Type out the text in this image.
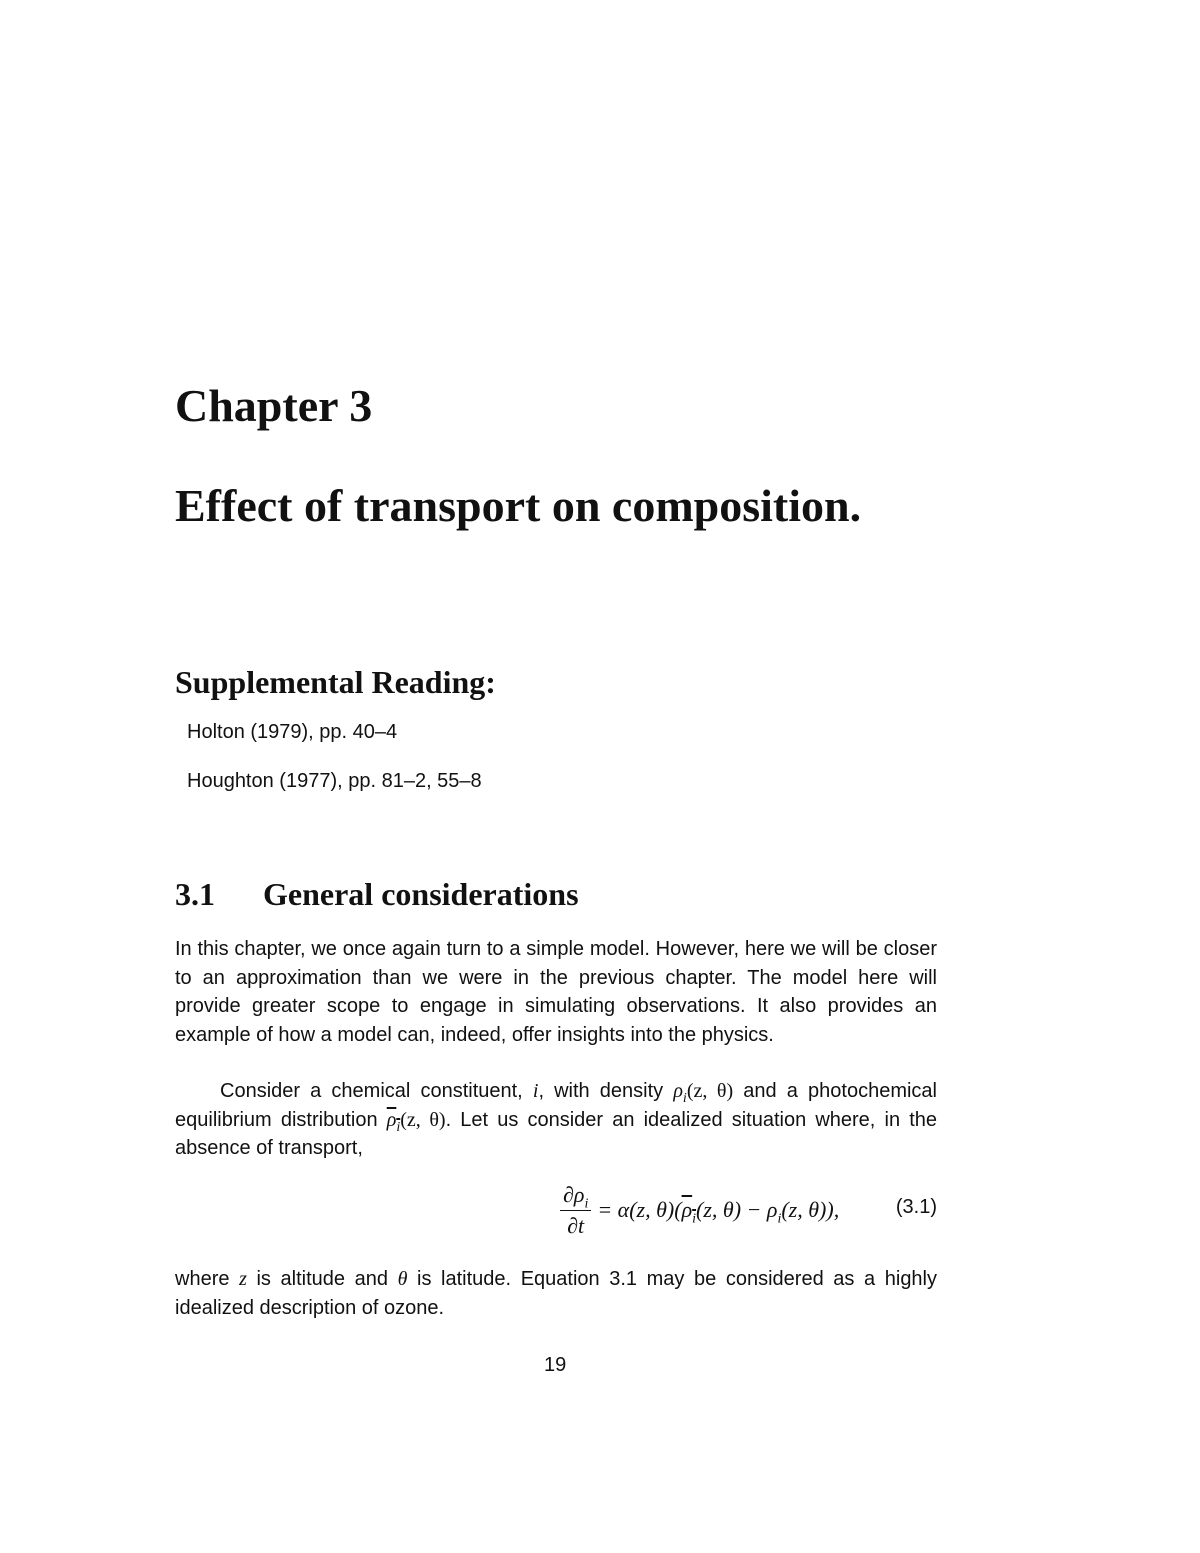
Chapter 3
Effect of transport on composition.
Supplemental Reading:
Holton (1979), pp. 40–4
Houghton (1977), pp. 81–2, 55–8
3.1 General considerations
In this chapter, we once again turn to a simple model. However, here we will be closer to an approximation than we were in the previous chapter. The model here will provide greater scope to engage in simulating observations. It also provides an example of how a model can, indeed, offer insights into the physics.
Consider a chemical constituent, i, with density $\rho_i(z$, θ) and a photochemical equilibrium distribution $\rho_i(z$, θ). Let us consider an idealized situation where, in the absence of transport,
$\frac{\partial\rho_i}{\partial t} = \alpha(z$, $\theta)(\rho_i(z$, $\theta) - \rho_i(z$, θ)),	(3.1)
where z is altitude and θ is latitude. Equation 3.1 may be considered as a highly idealized description of ozone.
19
